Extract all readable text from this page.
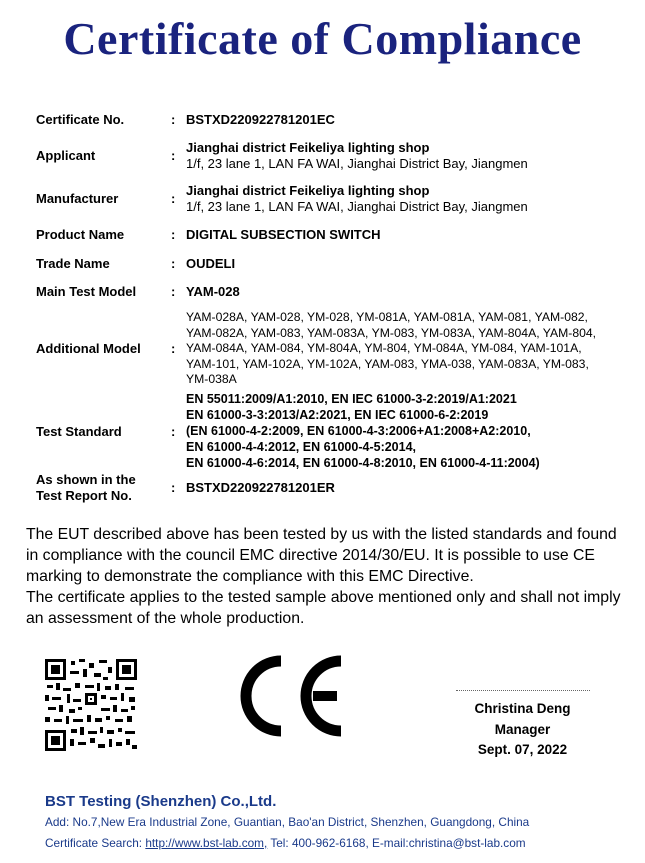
Certificate of Compliance
Certificate No.	: BSTXD220922781201EC
Applicant	:
Jianghai district Feikeliya lighting shop
1/f, 23 lane 1, LAN FA WAI, Jianghai District Bay, Jiangmen
Manufacturer	:
Jianghai district Feikeliya lighting shop
1/f, 23 lane 1, LAN FA WAI, Jianghai District Bay, Jiangmen
Product Name	: DIGITAL SUBSECTION SWITCH
Trade Name	: OUDELI
Main Test Model	: YAM-028
Additional Model :
YAM-028A, YAM-028, YM-028, YM-081A, YAM-081A, YAM-081, YAM-082,
YAM-082A, YAM-083, YAM-083A, YM-083, YM-083A, YAM-804A, YAM-804,
YAM-084A, YAM-084, YM-804A, YM-804, YM-084A, YM-084, YAM-101A,
YAM-101, YAM-102A, YM-102A, YAM-083, YMA-038, YAM-083A, YM-083,
YM-038A
Test Standard	:
EN 55011:2009/A1:2010, EN IEC 61000-3-2:2019/A1:2021
EN 61000-3-3:2013/A2:2021, EN IEC 61000-6-2:2019
(EN 61000-4-2:2009, EN 61000-4-3:2006+A1:2008+A2:2010,
EN 61000-4-4:2012, EN 61000-4-5:2014,
EN 61000-4-6:2014, EN 61000-4-8:2010, EN 61000-4-11:2004)
As shown in the
Test Report No.
: BSTXD220922781201ER

The EUT described above has been tested by us with the listed standards and found

in compliance with the council EMC directive 2014/30/EU. It is possible to use CE

marking to demonstrate the compliance with this EMC Directive.

The certificate applies to the tested sample above mentioned only and shall not imply

an assessment of the whole production.

Christina Deng
Manager
Sept. 07, 2022
BST Testing (Shenzhen) Co.,Ltd.
Add: No.7,New Era Industrial Zone, Guantian, Bao'an District, Shenzhen, Guangdong, China
Certificate Search: http://www.bst-lab.com, Tel: 400-962-6168, E-mail:christina@bst-lab.com
